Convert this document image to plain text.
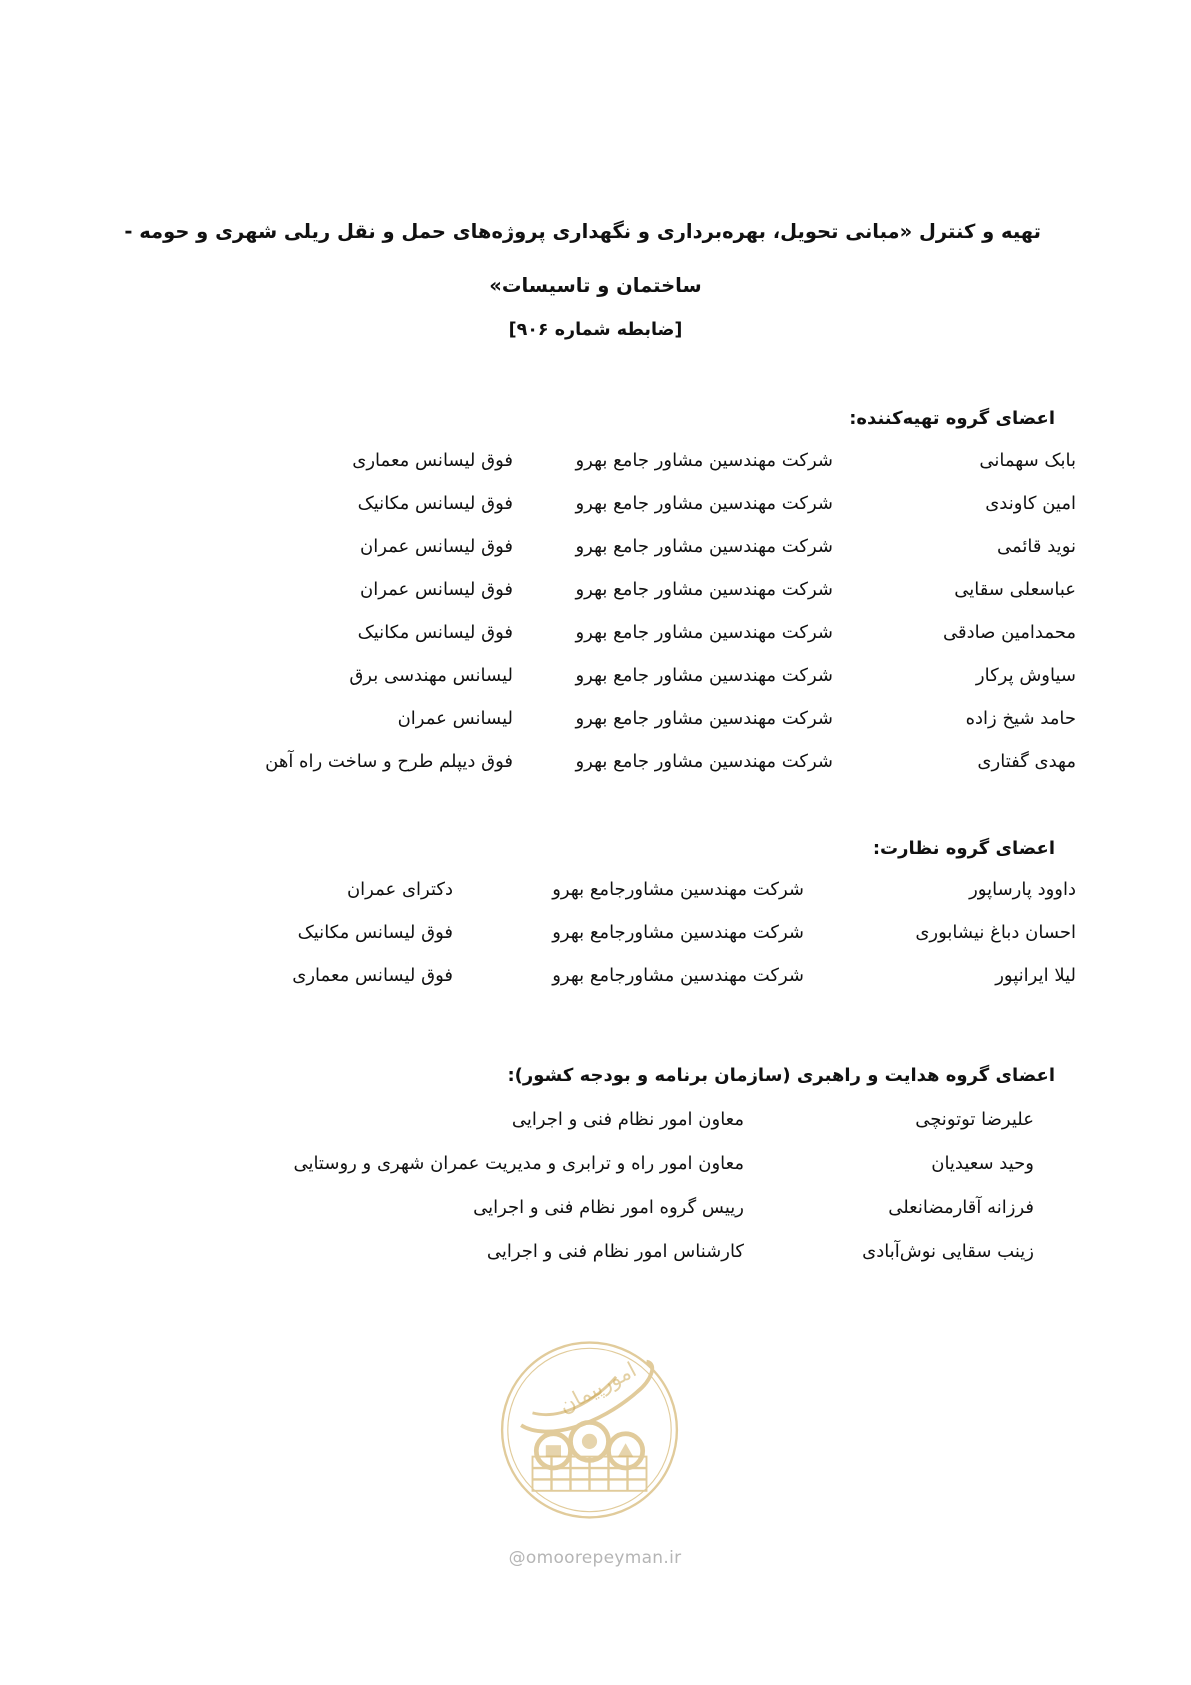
تهیه و کنترل «مبانی تحویل، بهره‌برداری و نگهداری پروژه‌های حمل و نقل ریلی شهری و حومه -
ساختمان و تاسیسات»
[ضابطه شماره ۹۰۶]
اعضای گروه تهیه‌کننده:
بابک سهمانی
شرکت مهندسین مشاور جامع بهرو
فوق لیسانس معماری
امین کاوندی
شرکت مهندسین مشاور جامع بهرو
فوق لیسانس مکانیک
نوید قائمی
شرکت مهندسین مشاور جامع بهرو
فوق لیسانس عمران
عباسعلی سقایی
شرکت مهندسین مشاور جامع بهرو
فوق لیسانس عمران
محمدامین صادقی
شرکت مهندسین مشاور جامع بهرو
فوق لیسانس مکانیک
سیاوش پرکار
شرکت مهندسین مشاور جامع بهرو
لیسانس مهندسی برق
حامد شیخ زاده
شرکت مهندسین مشاور جامع بهرو
لیسانس عمران
مهدی گفتاری
شرکت مهندسین مشاور جامع بهرو
فوق دیپلم طرح و ساخت راه آهن
اعضای گروه نظارت:
داوود پارساپور
شرکت مهندسین مشاورجامع بهرو
دکترای عمران
احسان دباغ نیشابوری
شرکت مهندسین مشاورجامع بهرو
فوق لیسانس مکانیک
لیلا ایرانپور
شرکت مهندسین مشاورجامع بهرو
فوق لیسانس معماری
اعضای گروه هدایت و راهبری (سازمان برنامه و بودجه کشور):
علیرضا توتونچی
معاون امور نظام فنی و اجرایی
وحید سعیدیان
معاون امور راه و ترابری و مدیریت عمران شهری و روستایی
فرزانه آقارمضانعلی
رییس گروه امور نظام فنی و اجرایی
زینب سقایی نوش‌آبادی
کارشناس امور نظام فنی و اجرایی
امورپیمان
@omoorepeyman.ir
